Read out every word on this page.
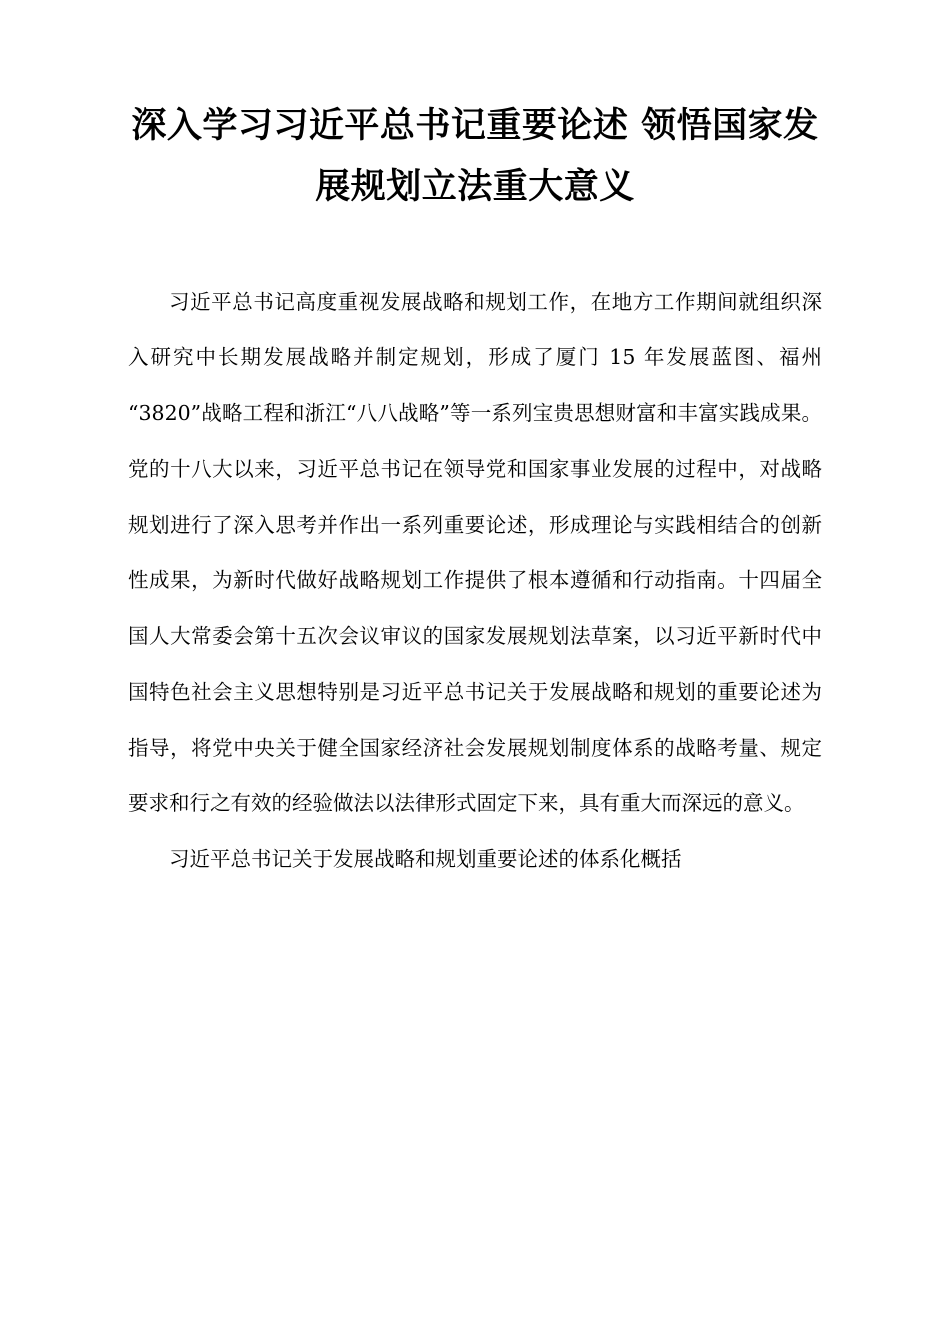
深入学习习近平总书记重要论述 领悟国家发展规划立法重大意义

习近平总书记高度重视发展战略和规划工作，在地方工作期间就组织深入研究中长期发展战略并制定规划，形成了厦门 15 年发展蓝图、福州“3820”战略工程和浙江“八八战略”等一系列宝贵思想财富和丰富实践成果。党的十八大以来，习近平总书记在领导党和国家事业发展的过程中，对战略规划进行了深入思考并作出一系列重要论述，形成理论与实践相结合的创新性成果，为新时代做好战略规划工作提供了根本遵循和行动指南。十四届全国人大常委会第十五次会议审议的国家发展规划法草案，以习近平新时代中国特色社会主义思想特别是习近平总书记关于发展战略和规划的重要论述为指导，将党中央关于健全国家经济社会发展规划制度体系的战略考量、规定要求和行之有效的经验做法以法律形式固定下来，具有重大而深远的意义。

习近平总书记关于发展战略和规划重要论述的体系化概括
